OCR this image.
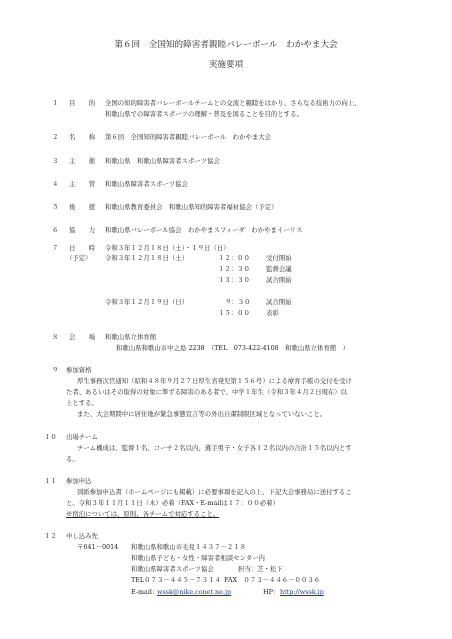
第６回　全国知的障害者親睦バレーボール　わかやま大会
実施要項
１ 目　的 全国の知的障害者バレーボールチームとの交流と親睦をはかり、さらなる技術力の向上、
和歌山県での障害者スポーツの理解・普及を図ることを目的とする。
２ 名　称 第６回　全国知的障害者親睦バレーボール　わかやま大会
３ 主　催 和歌山県　和歌山県障害者スポーツ協会
４ 主　管 和歌山県障害者スポーツ協会
５ 後　援 和歌山県教育委員会　和歌山県知的障害者福祉協会（予定）
６ 協　力 和歌山県バレーボール協会　わかやまスフィーダ　わかやまイーリス
７ 日　時
（予定）
令和３年１２月１８日（土）・１９日（日）
令和３年１２月１８日（土）	１２：００	受付開始
１２：３０	監督会議
１３：３０	試合開始
令和３年１２月１９日（日）	９：３０ 試合開始
１５：００	表彰
８ 会　場 和歌山県立体育館
和歌山県和歌山市中之島 2238　（TEL　073-422-4108　和歌山県立体育館　）
９ 参加資格
厚生事務次官通知（昭和４８年９月２７日厚生省発児第１５６号）による療育手帳の交付を受け
た者、あるいはその取得の対象に準ずる障害のある者で、中学１年生（令和３年４月２日現在）以
上とする。
また、大会期間中に居住地が緊急事態宣言等の外出自粛制限区域となっていないこと。
１０ 出場チーム
チーム構成は、監督１名、コーチ２名以内、選手男子・女子各１２名以内の合計１５名以内とす
る。
１１ 参加申込
別紙参加申込書（ホームページにも掲載）に必要事項を記入の上、下記大会事務局に送付するこ
と。令和３年１１月１１日（木）必着（FAX・E-mailは１７：００必着）
※宿泊については、原則、各チームで対応すること。
１２ 申し込み先
〒641－0014 和歌山県和歌山市毛見１４３７－２１８
和歌山県子ども・女性・障害者相談センター内
和歌山県障害者スポーツ協会	担当：芝・松下
TEL０７３－４４５－７３１４ FAX　０７３－４４６－００３６
E-mail：
wssk@nike.conet.ne.jp	HP： http://wssk.jp
